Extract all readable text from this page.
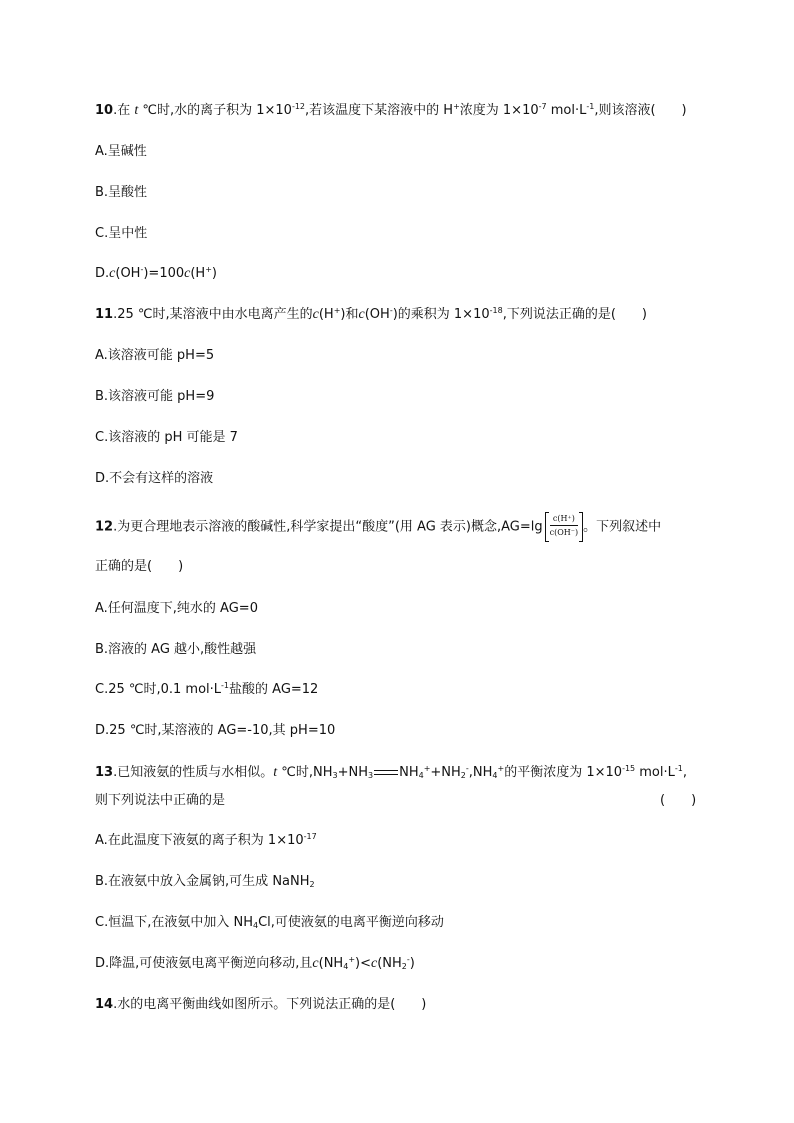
10.在 t ℃时,水的离子积为 $1\times 10^{-12}$,若该温度下某溶液中的 H+浓度为 $1\times 10^{-7}$ $mol\cdot L^{-1}$,则该溶液(　　)
A.呈碱性
B.呈酸性
C.呈中性
D.c(OH-)=100c(H+)
11.25 ℃时,某溶液中由水电离产生的c(H+)和c(OH-)的乘积为 $1\times 10^{-18}$,下列说法正确的是(　　)
A.该溶液可能 pH=5
B.该溶液可能 pH=9
C.该溶液的 pH 可能是 7
D.不会有这样的溶液
12.为更合理地表示溶液的酸碱性,科学家提出“酸度”(用 AG 表示)概念$,AG=\lg \frac{c(H^+)}{c(OH^-)}$ 。下列叙述中
正确的是(　　)
A.任何温度下,纯水的 AG=0
B.溶液的 AG 越小,酸性越强
C.25 ℃时,0.1 $mol\cdot L^{-1}$盐酸的 AG=12
D.25 ℃时,某溶液的 AG=-10,其 pH=10
13.已知液氨的性质与水相似。t ℃时$,NH_3+NH_3$ $NH_4^++NH_2^-,NH_4^+$的平衡浓度为 $1\times 10^{-15}$ $mol\cdot L^{-1}$,
则下列说法中正确的是	(　　)
A.在此温度下液氨的离子积为 $1\times 10^{-17}$
B.在液氨中放入金属钠,可生成 NaNH$_2$
C.恒温下,在液氨中加入 $NH_4Cl$,可使液氨的电离平衡逆向移动
D.降温,可使液氨电离平衡逆向移动,且$c(NH_4^+)<c(NH_2^-)$
14.水的电离平衡曲线如图所示。下列说法正确的是(　　)
